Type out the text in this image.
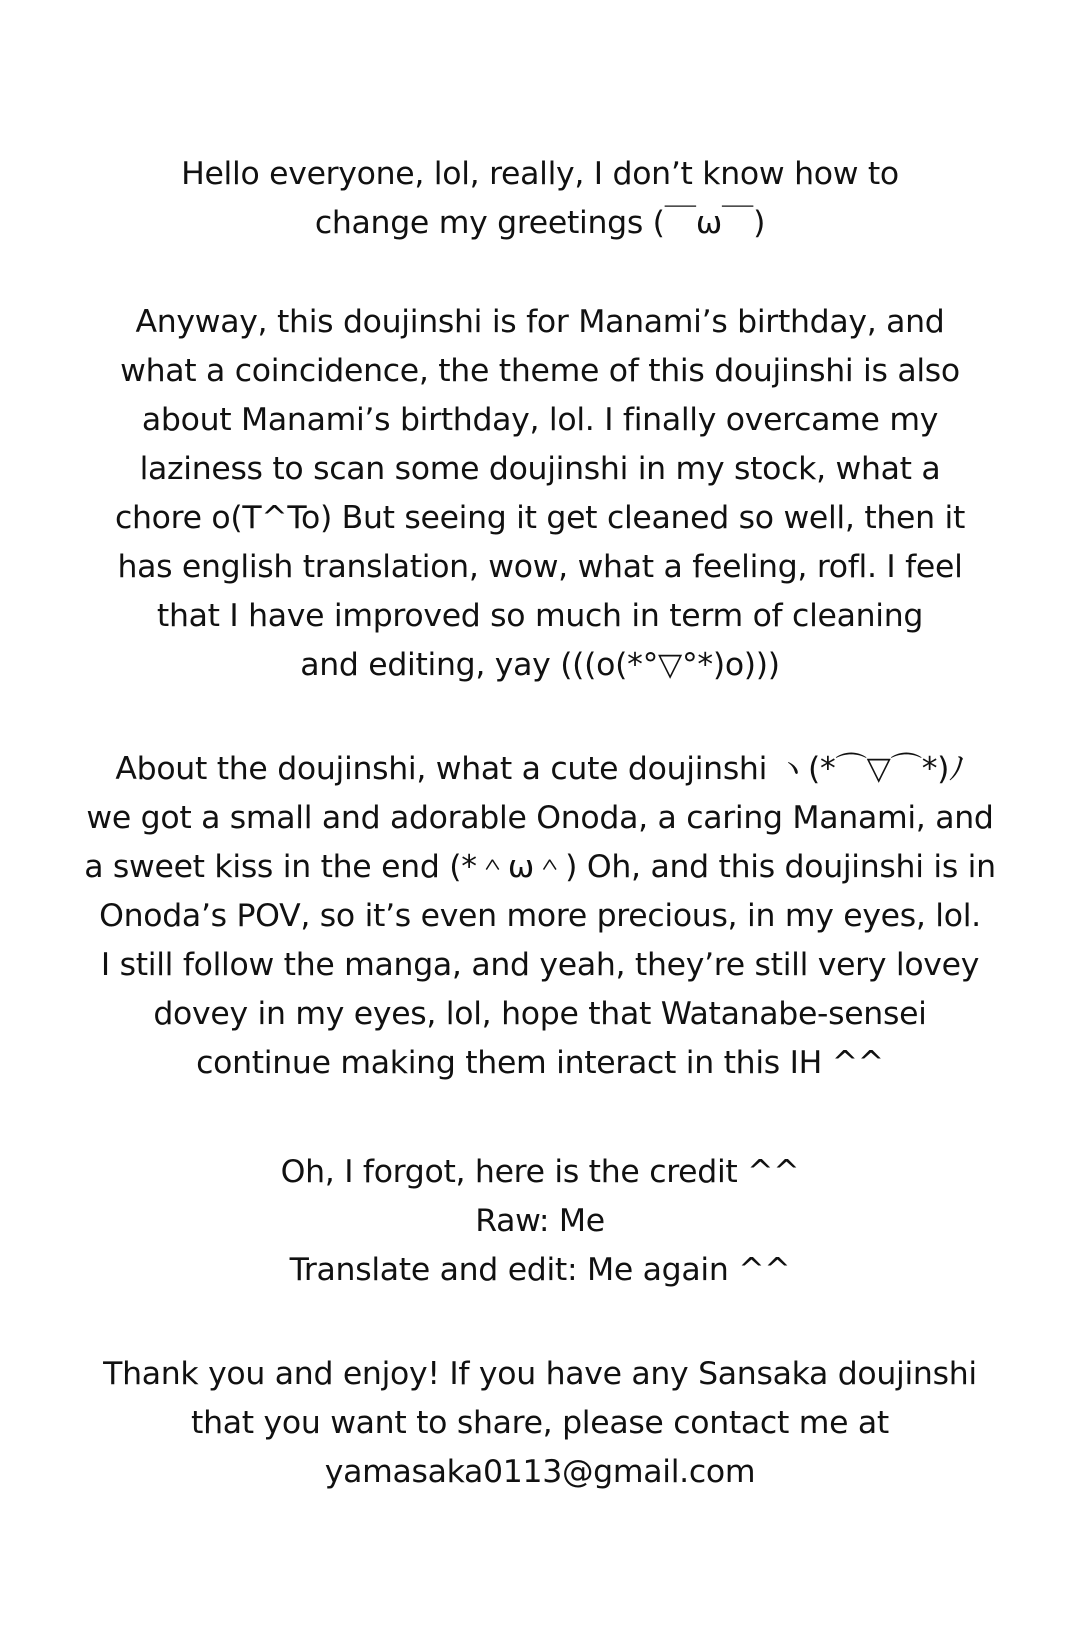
Hello everyone, lol, really, I don’t know how to
change my greetings (￣ω￣)
Anyway, this doujinshi is for Manami’s birthday, and
what a coincidence, the theme of this doujinshi is also
about Manami’s birthday, lol. I finally overcame my
laziness to scan some doujinshi in my stock, what a
chore o(T^To) But seeing it get cleaned so well, then it
has english translation, wow, what a feeling, rofl. I feel
that I have improved so much in term of cleaning
and editing, yay (((o(*°▽°*)o)))
About the doujinshi, what a cute doujinshi ヽ(*⌒▽⌒*)ﾉ
we got a small and adorable Onoda, a caring Manami, and
a sweet kiss in the end (*＾ω＾) Oh, and this doujinshi is in
Onoda’s POV, so it’s even more precious, in my eyes, lol.
I still follow the manga, and yeah, they’re still very lovey
dovey in my eyes, lol, hope that Watanabe-sensei
continue making them interact in this IH ^^
Oh, I forgot, here is the credit ^^
Raw: Me
Translate and edit: Me again ^^
Thank you and enjoy! If you have any Sansaka doujinshi
that you want to share, please contact me at
yamasaka0113@gmail.com
